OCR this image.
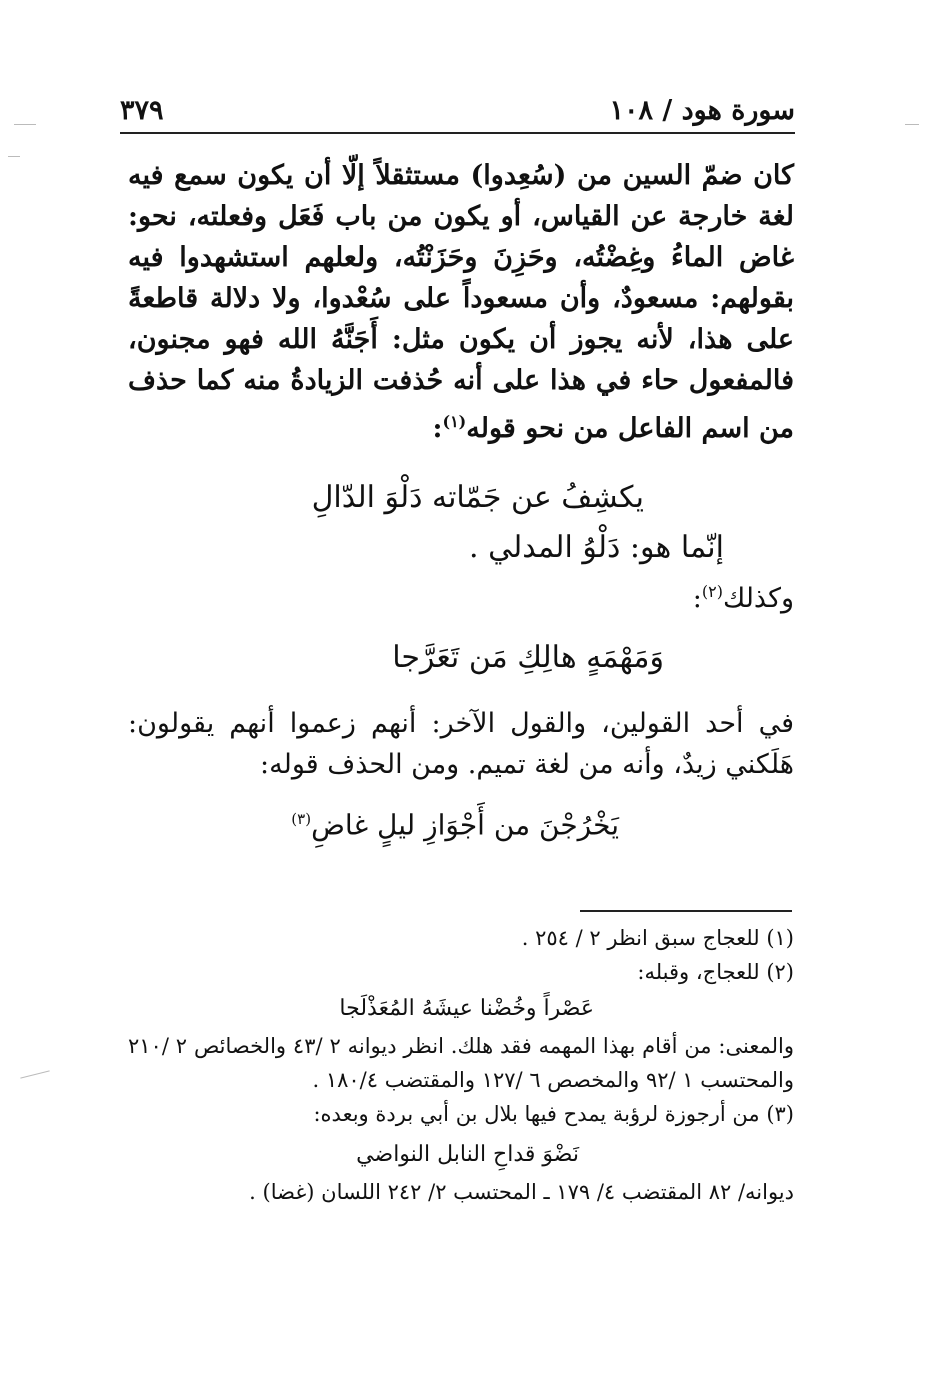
سورة هود / ١٠٨
٣٧٩

كان ضمّ السين من (سُعِدوا) مستثقلاً إلّا أن يكون سمع فيه لغة خارجة عن القياس، أو يكون من باب فَعَل وفعلته، نحو: غاض الماءُ وغِضْتُه، وحَزِنَ وحَزَنْتُه، ولعلهم استشهدوا فيه بقولهم: مسعودٌ، وأن مسعوداً على سُعْدوا، ولا دلالة قاطعةً على هذا، لأنه يجوز أن يكون مثل: أَجَنَّهُ الله فهو مجنون، فالمفعول حاء في هذا على أنه حُذفت الزيادةُ منه كما حذف من اسم الفاعل من نحو قوله$^{(١)}$:

يكشِفُ عن جَمّاته دَلْوَ الدّالِ
إنّما هو: دَلْوُ المدلي .

وكذلك$^{(٢)}$:

وَمَهْمَهٍ هالِكِ مَن تَعَرَّجا

في أحد القولين، والقول الآخر: أنهم زعموا أنهم يقولون: هَلَكني زيدٌ، وأنه من لغة تميم. ومن الحذف قوله:

يَخْرُجْنَ من أَجْوَازِ ليلٍ غاضِ$^{(٣)}$

(١) للعجاج سبق انظر ٢ / ٢٥٤ .

(٢) للعجاج، وقبله:

عَصْراً وخُضْنا عيشَهُ المُعَذْلَجا

والمعنى: من أقام بهذا المهمه فقد هلك. انظر ديوانه ٢ /٤٣ والخصائص ٢ /٢١٠ والمحتسب ١ /٩٢ والمخصص ٦ /١٢٧ والمقتضب ١٨٠/٤ .

(٣) من أرجوزة لرؤبة يمدح فيها بلال بن أبي بردة وبعده:

نَضْوَ قداحِ النابل النواضي

ديوانه/ ٨٢ المقتضب ٤/ ١٧٩ ـ المحتسب ٢/ ٢٤٢ اللسان (غضا) .
